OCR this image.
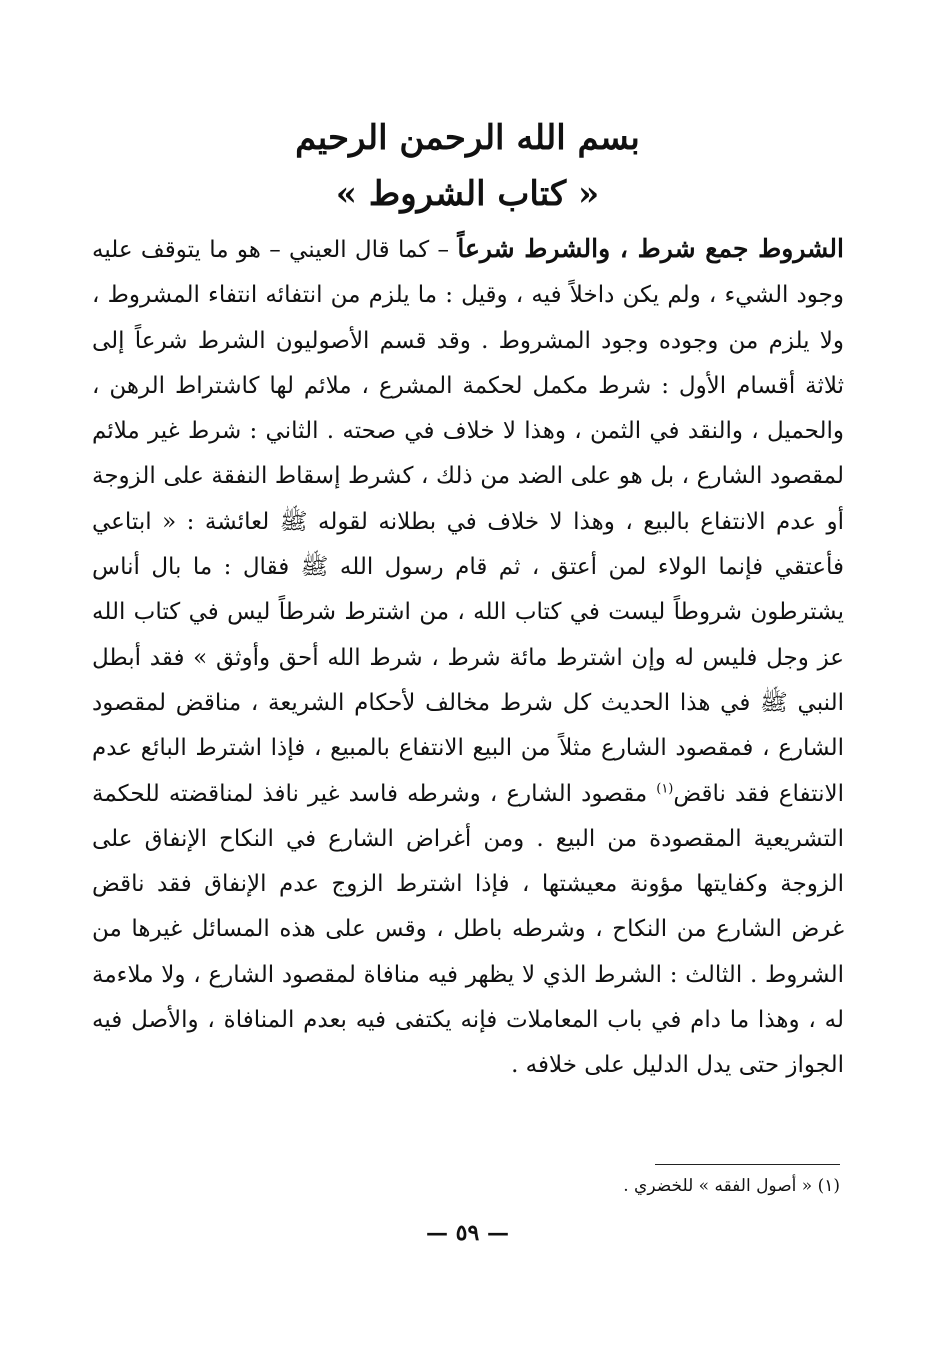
بسم الله الرحمن الرحيم
« كتاب الشروط »
الشروط جمع شرط ، والشرط شرعاً – كما قال العيني – هو ما يتوقف عليه وجود الشيء ، ولم يكن داخلاً فيه ، وقيل : ما يلزم من انتفائه انتفاء المشروط ، ولا يلزم من وجوده وجود المشروط . وقد قسم الأصوليون الشرط شرعاً إلى ثلاثة أقسام الأول : شرط مكمل لحكمة المشرع ، ملائم لها كاشتراط الرهن ، والحميل ، والنقد في الثمن ، وهذا لا خلاف في صحته . الثاني : شرط غير ملائم لمقصود الشارع ، بل هو على الضد من ذلك ، كشرط إسقاط النفقة على الزوجة أو عدم الانتفاع بالبيع ، وهذا لا خلاف في بطلانه لقوله ﷺ لعائشة : « ابتاعي فأعتقي فإنما الولاء لمن أعتق ، ثم قام رسول الله ﷺ فقال : ما بال أناس يشترطون شروطاً ليست في كتاب الله ، من اشترط شرطاً ليس في كتاب الله عز وجل فليس له وإن اشترط مائة شرط ، شرط الله أحق وأوثق » فقد أبطل النبي ﷺ في هذا الحديث كل شرط مخالف لأحكام الشريعة ، مناقض لمقصود الشارع ، فمقصود الشارع مثلاً من البيع الانتفاع بالمبيع ، فإذا اشترط البائع عدم الانتفاع فقد ناقض$^{(١)}$ مقصود الشارع ، وشرطه فاسد غير نافذ لمناقضته للحكمة التشريعية المقصودة من البيع . ومن أغراض الشارع في النكاح الإنفاق على الزوجة وكفايتها مؤونة معيشتها ، فإذا اشترط الزوج عدم الإنفاق فقد ناقض غرض الشارع من النكاح ، وشرطه باطل ، وقس على هذه المسائل غيرها من الشروط . الثالث : الشرط الذي لا يظهر فيه منافاة لمقصود الشارع ، ولا ملاءمة له ، وهذا ما دام في باب المعاملات فإنه يكتفى فيه بعدم المنافاة ، والأصل فيه الجواز حتى يدل الدليل على خلافه .
(١) « أصول الفقه » للخضري .
— ٥٩ —
